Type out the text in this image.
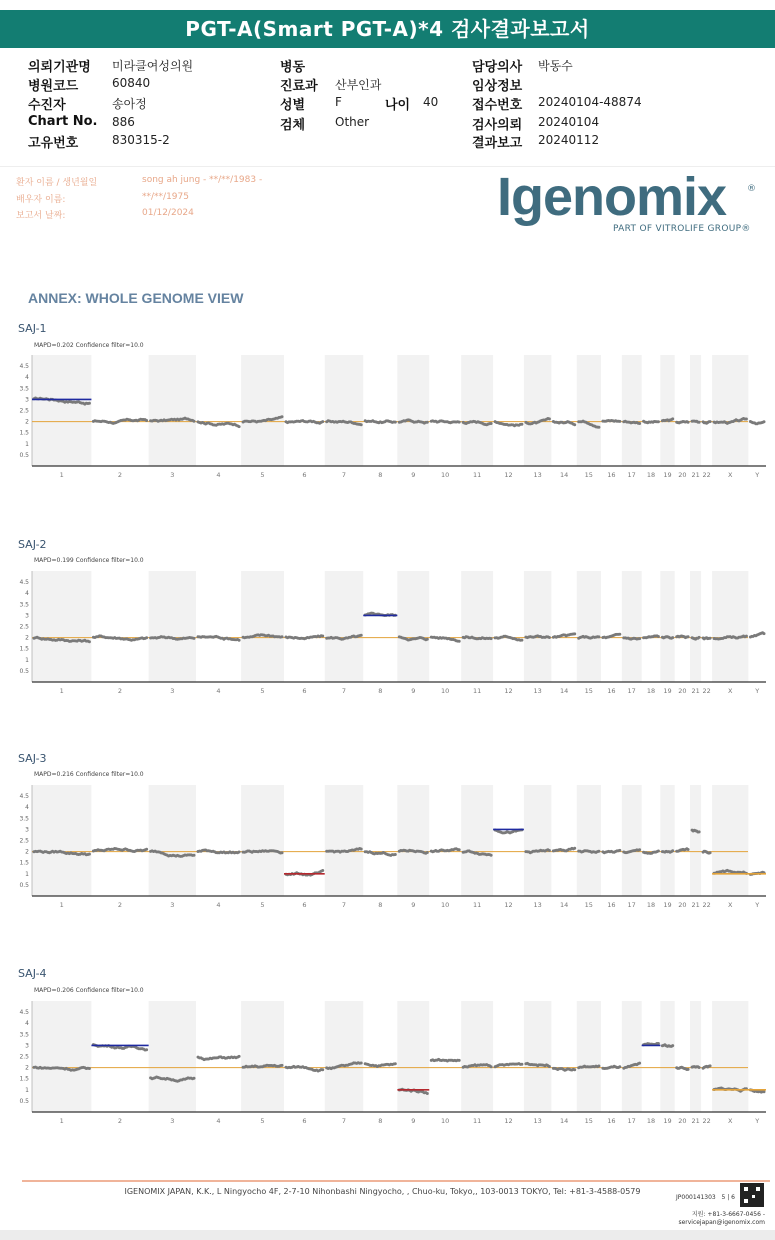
PGT-A(Smart PGT-A)*4 검사결과보고서
의뢰기관명 미라클여성의원
병원코드	60840
수진자	송아정
Chart No. 886
고유번호	830315-2
병동
진료과 산부인과
성별 F	나이 40
검체 Other
담당의사 박동수
임상정보
접수번호 20240104-48874
검사의뢰 20240104
결과보고 20240112
환자 이름 / 생년월일	song ah jung - **/**/1983 -
배우자 이름:	**/**/1975
보고서 날짜:	01/12/2024	Igenomix ®
PART OF VITROLIFE GROUP®
ANNEX: WHOLE GENOME VIEW
SAJ-1
MAPD=0.202 Confidence filter=10.0
4.5
4
3.5
3
2.5
2
1.5
1
0.5
1	2	3	4	5	6	7	8	9	10	11	12	13	14	15 16 17 18 19 20 21 22	X	Y
SAJ-2
MAPD=0.199 Confidence filter=10.0
4.5
4
3.5
3
2.5
2
1.5
1
0.5
1	2	3	4	5	6	7	8	9	10	11	12	13	14	15 16 17 18 19 20 21 22	X	Y
SAJ-3
MAPD=0.216 Confidence filter=10.0
4.5
4
3.5
3
2.5
2
1.5
1
0.5
1	2	3	4	5	6	7	8	9	10	11	12	13	14	15 16 17 18 19 20 21 22	X	Y
SAJ-4
MAPD=0.206 Confidence filter=10.0
4.5
4
3.5
3
2.5
2
1.5
1
0.5
1	2	3	4	5	6	7	8	9	10	11	12	13	14	15 16 17 18 19 20 21 22	X	Y
IGENOMIX JAPAN, K.K., L Ningyocho 4F, 2-7-10 Nihonbashi Ningyocho, , Chuo-ku, Tokyo,, 103-0013 TOKYO, Tel: +81-3-4588-0579
JP000141303 5 | 6
지원: +81-3-6667-0456 -
servicejapan@igenomix.com
